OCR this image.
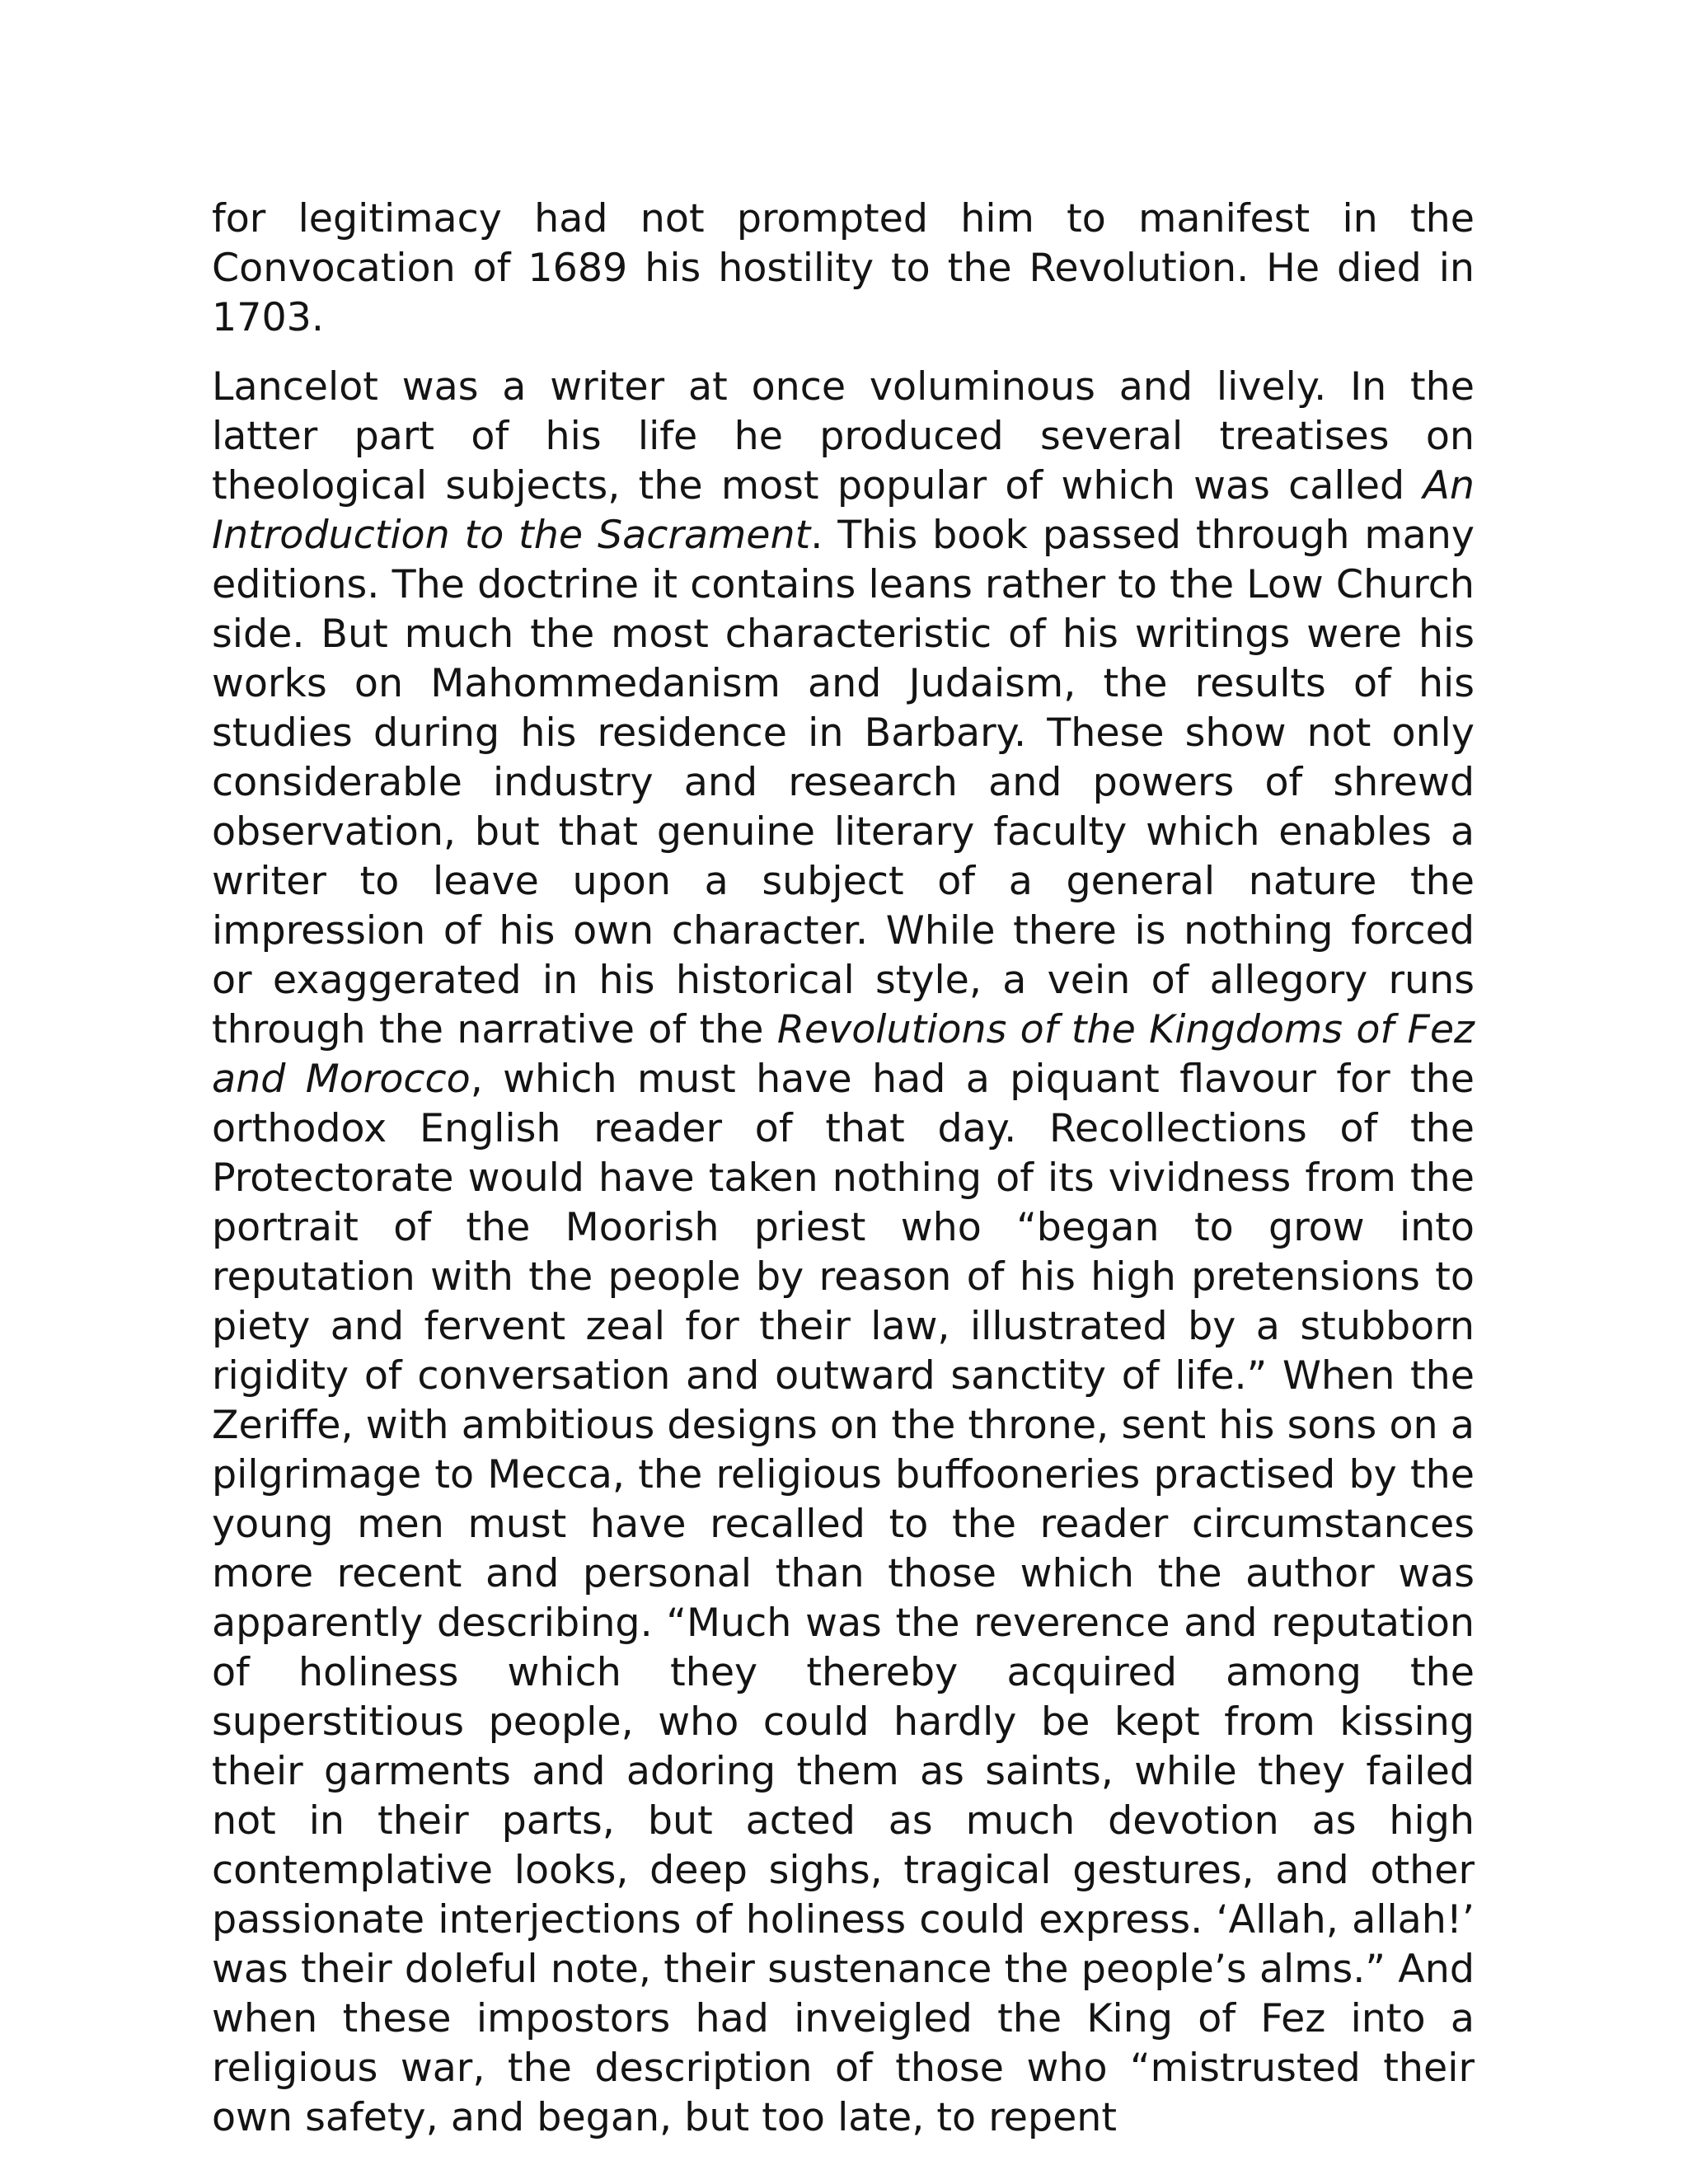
for legitimacy had not prompted him to manifest in the Convocation of 1689 his hostility to the Revolution. He died in 1703.

Lancelot was a writer at once voluminous and lively. In the latter part of his life he produced several treatises on theological subjects, the most popular of which was called An Introduction to the Sacrament. This book passed through many editions. The doctrine it contains leans rather to the Low Church side. But much the most characteristic of his writings were his works on Mahommedanism and Judaism, the results of his studies during his residence in Barbary. These show not only considerable industry and research and powers of shrewd observation, but that genuine literary faculty which enables a writer to leave upon a subject of a general nature the impression of his own character. While there is nothing forced or exaggerated in his historical style, a vein of allegory runs through the narrative of the Revolutions of the Kingdoms of Fez and Morocco, which must have had a piquant flavour for the orthodox English reader of that day. Recollections of the Protectorate would have taken nothing of its vividness from the portrait of the Moorish priest who “began to grow into reputation with the people by reason of his high pretensions to piety and fervent zeal for their law, illustrated by a stubborn rigidity of conversation and outward sanctity of life.” When the Zeriffe, with ambitious designs on the throne, sent his sons on a pilgrimage to Mecca, the religious buffooneries practised by the young men must have recalled to the reader circumstances more recent and personal than those which the author was apparently describing. “Much was the reverence and reputation of holiness which they thereby acquired among the superstitious people, who could hardly be kept from kissing their garments and adoring them as saints, while they failed not in their parts, but acted as much devotion as high contemplative looks, deep sighs, tragical gestures, and other passionate interjections of holiness could express. ‘Allah, allah!’ was their doleful note, their sustenance the people’s alms.” And when these impostors had inveigled the King of Fez into a religious war, the description of those who “mistrusted their own safety, and began, but too late, to repent
